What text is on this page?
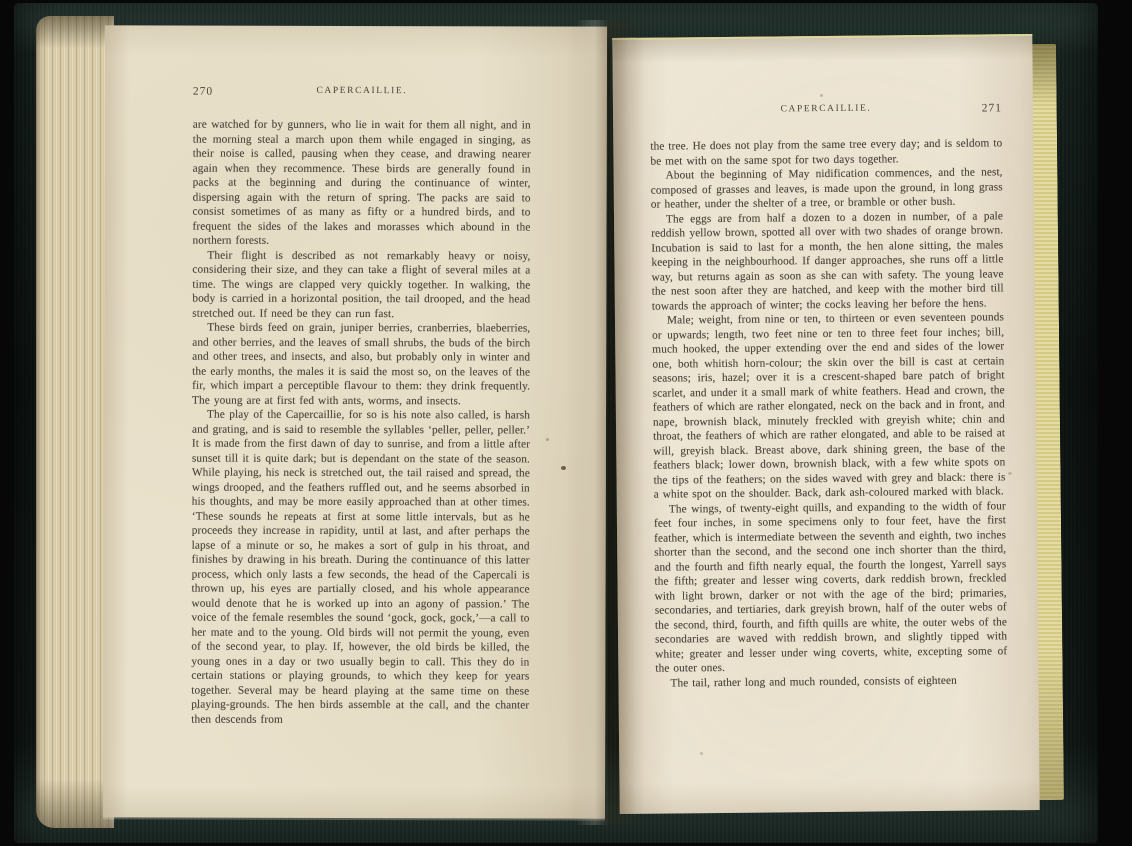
270	CAPERCAILLIE.

are watched for by gunners, who lie in wait for them all night, and in the morning steal a march upon them while engaged in singing, as their noise is called, pausing when they cease, and drawing nearer again when they recommence. These birds are generally found in packs at the beginning and during the continuance of winter, dispersing again with the return of spring. The packs are said to consist sometimes of as many as fifty or a hundred birds, and to frequent the sides of the lakes and morasses which abound in the northern forests.

Their flight is described as not remarkably heavy or noisy, considering their size, and they can take a flight of several miles at a time. The wings are clapped very quickly together. In walking, the body is carried in a horizontal position, the tail drooped, and the head stretched out. If need be they can run fast.

These birds feed on grain, juniper berries, cranberries, blaeberries, and other berries, and the leaves of small shrubs, the buds of the birch and other trees, and insects, and also, but probably only in winter and the early months, the males it is said the most so, on the leaves of the fir, which impart a perceptible flavour to them: they drink frequently. The young are at first fed with ants, worms, and insects.

The play of the Capercaillie, for so is his note also called, is harsh and grating, and is said to resemble the syllables ‘peller, peller, peller.’ It is made from the first dawn of day to sunrise, and from a little after sunset till it is quite dark; but is dependant on the state of the season. While playing, his neck is stretched out, the tail raised and spread, the wings drooped, and the feathers ruffled out, and he seems absorbed in his thoughts, and may be more easily approached than at other times. ‘These sounds he repeats at first at some little intervals, but as he proceeds they increase in rapidity, until at last, and after perhaps the lapse of a minute or so, he makes a sort of gulp in his throat, and finishes by drawing in his breath. During the continuance of this latter process, which only lasts a few seconds, the head of the Capercali is thrown up, his eyes are partially closed, and his whole appearance would denote that he is worked up into an agony of passion.’ The voice of the female resembles the sound ‘gock, gock, gock,’—a call to her mate and to the young. Old birds will not permit the young, even of the second year, to play. If, however, the old birds be killed, the young ones in a day or two usually begin to call. This they do in certain stations or playing grounds, to which they keep for years together. Several may be heard playing at the same time on these playing-grounds. The hen birds assemble at the call, and the chanter then descends from

CAPERCAILLIE.	271

the tree. He does not play from the same tree every day; and is seldom to be met with on the same spot for two days together.

About the beginning of May nidification commences, and the nest, composed of grasses and leaves, is made upon the ground, in long grass or heather, under the shelter of a tree, or bramble or other bush.

The eggs are from half a dozen to a dozen in number, of a pale reddish yellow brown, spotted all over with two shades of orange brown. Incubation is said to last for a month, the hen alone sitting, the males keeping in the neighbourhood. If danger approaches, she runs off a little way, but returns again as soon as she can with safety. The young leave the nest soon after they are hatched, and keep with the mother bird till towards the approach of winter; the cocks leaving her before the hens.

Male; weight, from nine or ten, to thirteen or even seventeen pounds or upwards; length, two feet nine or ten to three feet four inches; bill, much hooked, the upper extending over the end and sides of the lower one, both whitish horn-colour; the skin over the bill is cast at certain seasons; iris, hazel; over it is a crescent-shaped bare patch of bright scarlet, and under it a small mark of white feathers. Head and crown, the feathers of which are rather elongated, neck on the back and in front, and nape, brownish black, minutely freckled with greyish white; chin and throat, the feathers of which are rather elongated, and able to be raised at will, greyish black. Breast above, dark shining green, the base of the feathers black; lower down, brownish black, with a few white spots on the tips of the feathers; on the sides waved with grey and black: there is a white spot on the shoulder. Back, dark ash-coloured marked with black.

The wings, of twenty-eight quills, and expanding to the width of four feet four inches, in some specimens only to four feet, have the first feather, which is intermediate between the seventh and eighth, two inches shorter than the second, and the second one inch shorter than the third, and the fourth and fifth nearly equal, the fourth the longest, Yarrell says the fifth; greater and lesser wing coverts, dark reddish brown, freckled with light brown, darker or not with the age of the bird; primaries, secondaries, and tertiaries, dark greyish brown, half of the outer webs of the second, third, fourth, and fifth quills are white, the outer webs of the secondaries are waved with reddish brown, and slightly tipped with white; greater and lesser under wing coverts, white, excepting some of the outer ones.

The tail, rather long and much rounded, consists of eighteen
